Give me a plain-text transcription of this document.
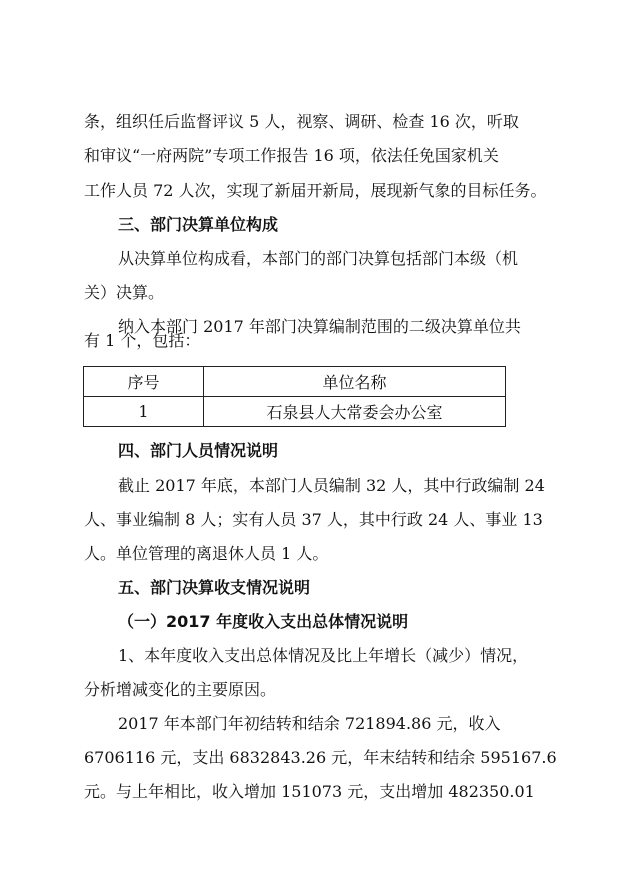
条，组织任后监督评议 5 人，视察、调研、检查 16 次，听取
和审议“一府两院”专项工作报告 16 项，依法任免国家机关
工作人员 72 人次，实现了新届开新局，展现新气象的目标任务。
三、部门决算单位构成
从决算单位构成看，本部门的部门决算包括部门本级（机
关）决算。
纳入本部门 2017 年部门决算编制范围的二级决算单位共
有 1 个，包括：
序号	单位名称
1	石泉县人大常委会办公室
四、部门人员情况说明
截止 2017 年底，本部门人员编制 32 人，其中行政编制 24
人、事业编制 8 人；实有人员 37 人，其中行政 24 人、事业 13
人。单位管理的离退休人员 1 人。
五、部门决算收支情况说明
（一）2017 年度收入支出总体情况说明
1、本年度收入支出总体情况及比上年增长（减少）情况，
分析增减变化的主要原因。
2017 年本部门年初结转和结余 721894.86 元，收入
6706116 元，支出 6832843.26 元，年末结转和结余 595167.6
元。与上年相比，收入增加 151073 元，支出增加 482350.01
